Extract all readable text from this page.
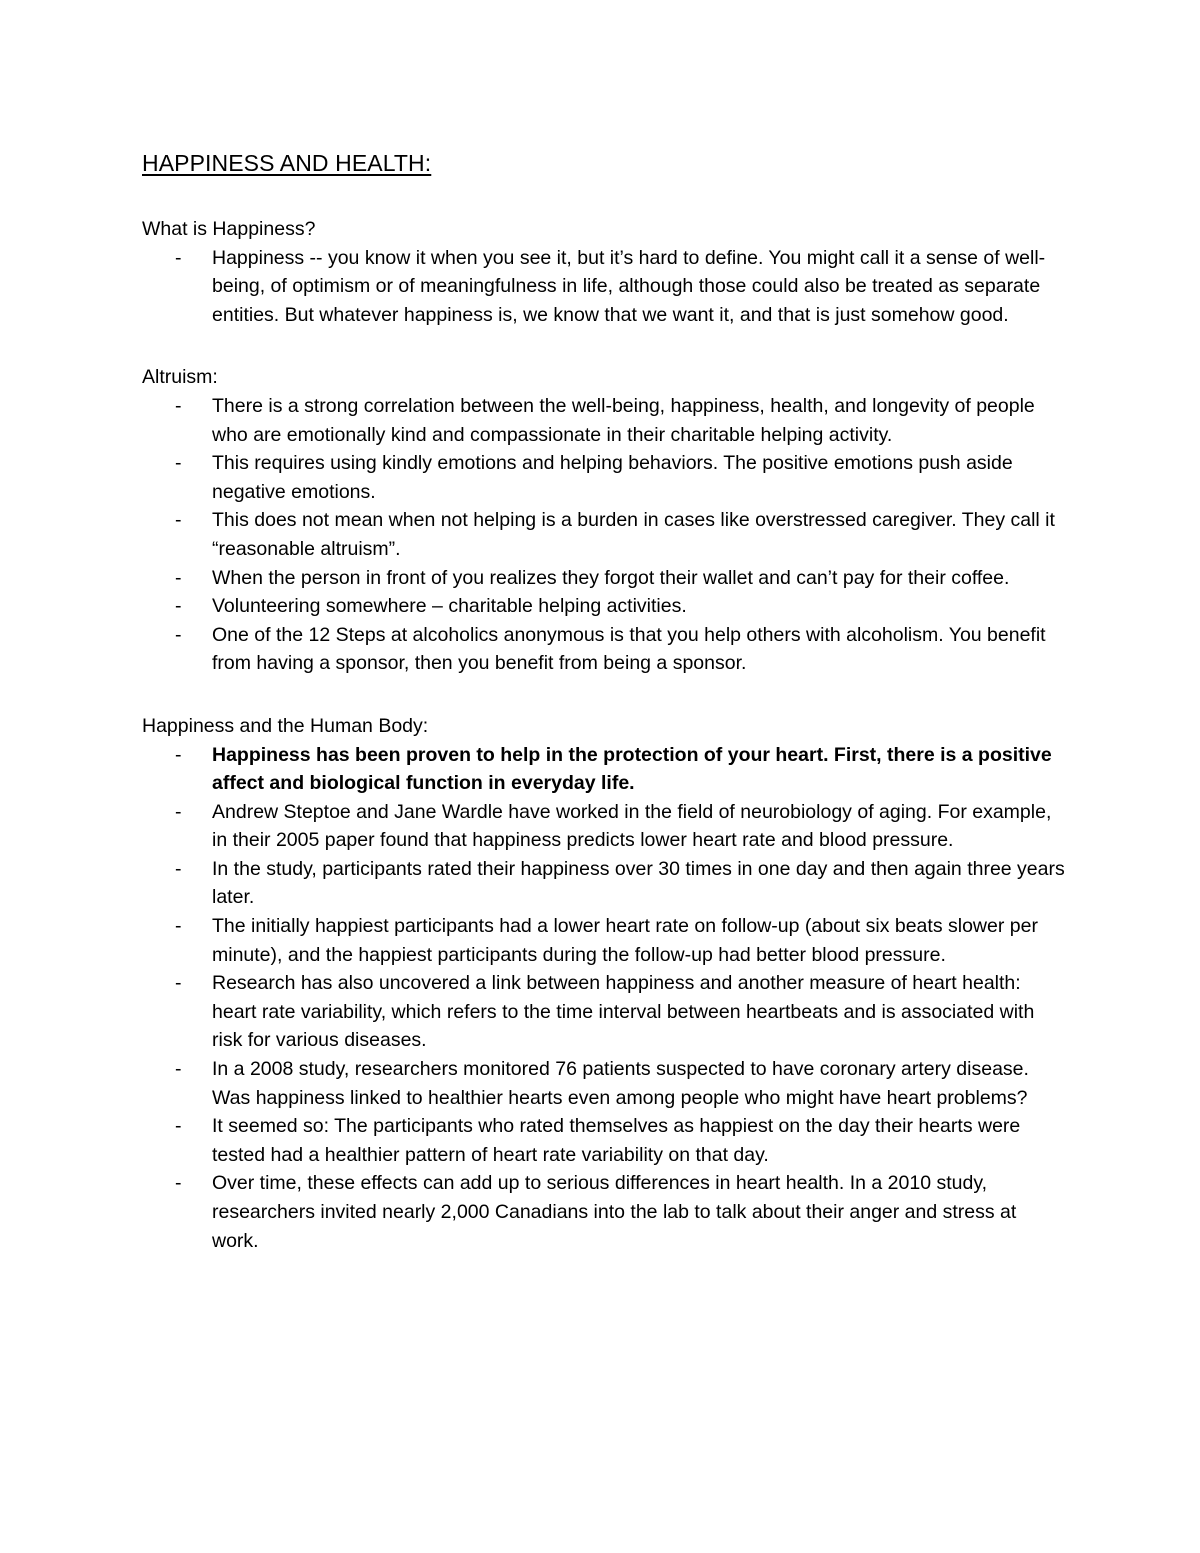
HAPPINESS AND HEALTH:

What is Happiness?

- Happiness -- you know it when you see it, but it’s hard to define. You might call it a sense of well-being, of optimism or of meaningfulness in life, although those could also be treated as separate entities. But whatever happiness is, we know that we want it, and that is just somehow good.

Altruism:

- There is a strong correlation between the well-being, happiness, health, and longevity of people who are emotionally kind and compassionate in their charitable helping activity.
- This requires using kindly emotions and helping behaviors. The positive emotions push aside negative emotions.
- This does not mean when not helping is a burden in cases like overstressed caregiver. They call it “reasonable altruism”.
- When the person in front of you realizes they forgot their wallet and can’t pay for their coffee.
- Volunteering somewhere – charitable helping activities.
- One of the 12 Steps at alcoholics anonymous is that you help others with alcoholism. You benefit from having a sponsor, then you benefit from being a sponsor.

Happiness and the Human Body:

- Happiness has been proven to help in the protection of your heart. First, there is a positive affect and biological function in everyday life.
- Andrew Steptoe and Jane Wardle have worked in the field of neurobiology of aging. For example, in their 2005 paper found that happiness predicts lower heart rate and blood pressure.
- In the study, participants rated their happiness over 30 times in one day and then again three years later.
- The initially happiest participants had a lower heart rate on follow-up (about six beats slower per minute), and the happiest participants during the follow-up had better blood pressure.
- Research has also uncovered a link between happiness and another measure of heart health: heart rate variability, which refers to the time interval between heartbeats and is associated with risk for various diseases.
- In a 2008 study, researchers monitored 76 patients suspected to have coronary artery disease. Was happiness linked to healthier hearts even among people who might have heart problems?
- It seemed so: The participants who rated themselves as happiest on the day their hearts were tested had a healthier pattern of heart rate variability on that day.
- Over time, these effects can add up to serious differences in heart health. In a 2010 study, researchers invited nearly 2,000 Canadians into the lab to talk about their anger and stress at work.
